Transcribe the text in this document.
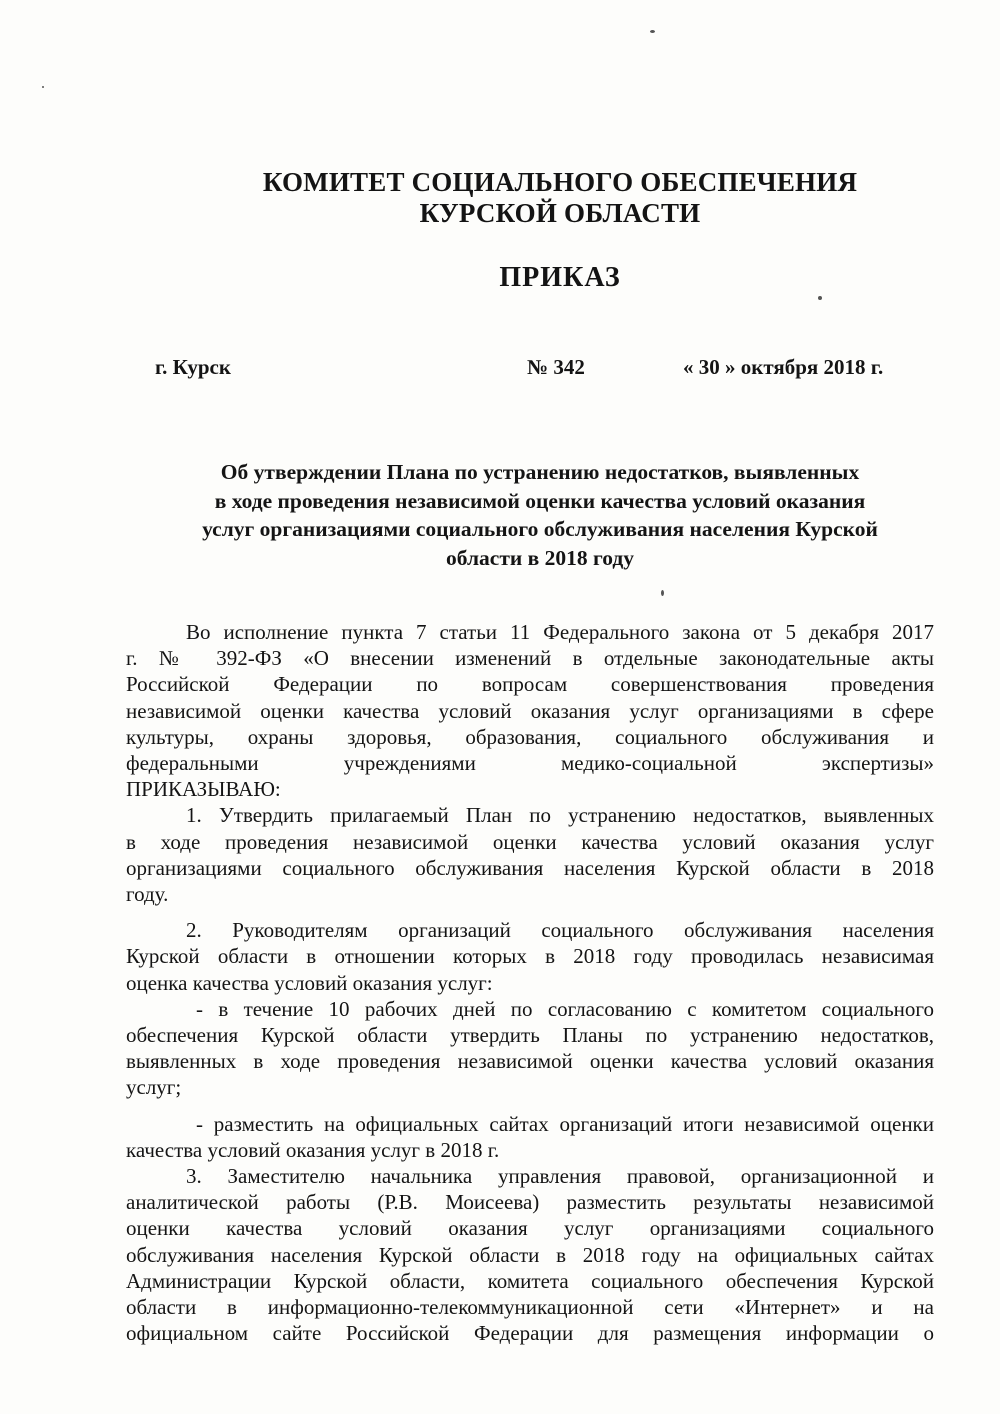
КОМИТЕТ СОЦИАЛЬНОГО ОБЕСПЕЧЕНИЯ
КУРСКОЙ ОБЛАСТИ
ПРИКАЗ
г. Курск	№ 342	« 30 » октября 2018 г.
Об утверждении Плана по устранению недостатков, выявленных
в ходе проведения независимой оценки качества условий оказания
услуг организациями социального обслуживания населения Курской
области в 2018 году
Во исполнение пункта 7 статьи 11 Федерального закона от 5 декабря 2017
г. № 392-ФЗ «О внесении изменений в отдельные законодательные акты
Российской Федерации по вопросам совершенствования проведения
независимой оценки качества условий оказания услуг организациями в сфере
культуры, охраны здоровья, образования, социального обслуживания и
федеральными учреждениями медико-социальной экспертизы»
ПРИКАЗЫВАЮ:
1. Утвердить прилагаемый План по устранению недостатков, выявленных
в ходе проведения независимой оценки качества условий оказания услуг
организациями социального обслуживания населения Курской области в 2018
году.
2. Руководителям организаций социального обслуживания населения
Курской области в отношении которых в 2018 году проводилась независимая
оценка качества условий оказания услуг:
- в течение 10 рабочих дней по согласованию с комитетом социального
обеспечения Курской области утвердить Планы по устранению недостатков,
выявленных в ходе проведения независимой оценки качества условий оказания
услуг;
- разместить на официальных сайтах организаций итоги независимой оценки
качества условий оказания услуг в 2018 г.
3. Заместителю начальника управления правовой, организационной и
аналитической работы (Р.В. Моисеева) разместить результаты независимой
оценки качества условий оказания услуг организациями социального
обслуживания населения Курской области в 2018 году на официальных сайтах
Администрации Курской области, комитета социального обеспечения Курской
области в информационно-телекоммуникационной сети «Интернет» и на
официальном сайте Российской Федерации для размещения информации о
